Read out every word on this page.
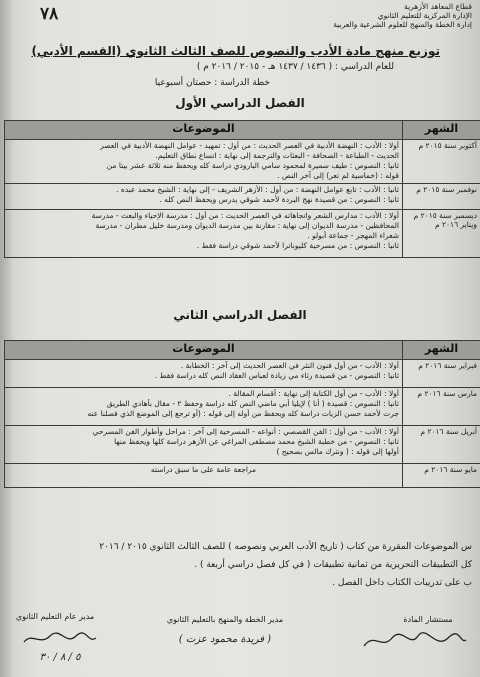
قطاع المعاهد الأزهرية
الإدارة المركزية للتعليم الثانوي
إدارة الخطة والمنهج للعلوم الشرعية والعربية
٧٨
توزيع منهج مادة الأدب والنصوص للصف الثالث الثانوي (القسم الأدبي)
للعام الدراسي : ( ١٤٣٦ / ١٤٣٧ هـ - ٢٠١٥ / ٢٠١٦ م )
خطة الدراسة : حصتان أسبوعيا
الفصل الدراسي الأول
الشهر	الموضوعات
أكتوبر سنة ٢٠١٥ م	أولا : الأدب : النهضة الأدبية في العصر الحديث : من أول : تمهيد - عوامل النهضة الأدبية في العصر
الحديث - الطباعة - الصحافة - البعثات والترجمة إلى نهاية : اتساع نطاق التعليم.
ثانيا : النصوص : طيف سميرة لمحمود سامي البارودي دراسة كله ويحفظ منه ثلاثة عشر بيتا من
قوله : (خماسية لم تعر) إلى آخر النص .

نوفمبر سنة ٢٠١٥ م	ثانيا : الأدب : تابع عوامل النهضة : من أول : الأزهر الشريف - إلى نهاية : الشيخ محمد عبده .
ثانيا : النصوص : من قصيدة نهج البردة لأحمد شوقي يدرس ويحفظ النص كله .

ديسمبر سنة ٢٠١٥ م ويناير ٢٠١٦ م	أولا : الأدب : مدارس الشعر واتجاهاته في العصر الحديث : من أول : مدرسة الإحياء والبعث - مدرسة
المحافظين - مدرسة الديوان إلى نهاية : مقارنة بين مدرسة الديوان ومدرسة خليل مطران - مدرسة
شعراء المهجر - جماعة أبولو .
ثانيا : النصوص : من مسرحية كليوباترا لأحمد شوقي دراسة فقط .
الفصل الدراسي الثاني
الشهر	الموضوعات
فبراير سنة ٢٠١٦ م	أولا : الأدب - من أول فنون النثر في العصر الحديث إلى آخر : الخطابة .
ثانيا : النصوص - من قصيدة رثاء مي زيادة لعباس العقاد النص كله دراسة فقط .

مارس سنة ٢٠١٦ م	أولا : الأدب - من أول الكتابة إلى نهاية : أقسام المقالة .
ثانيا : النصوص : قصيدة ( أنا ) لإيليا أبي ماضي النص كله دراسة وحفظ ٢ - مقال بأهادي الطريق
جرت لأحمد حسن الزيات دراسة كله ويحفظ من أوله إلى قوله : (أو ترجع إلى الموضع الذي فصلنا عنه

أبريل سنة ٢٠١٦ م	أولا : الأدب - من أول : الفن القصصي : أنواعه - المسرحية إلى آخر : مراحل وأطوار الفن المسرحي
ثانيا : النصوص - من خطبة الشيخ محمد مصطفى المراغي عن الأزهر دراسة كلها ويحفظ منها
أولها إلى قوله : ( ونترك مالس بصحيح )

مايو سنة ٢٠١٦ م	مراجعة عامة على ما سبق دراسته
س الموضوعات المقررة من كتاب ( تاريخ الأدب العربي ونصوصه ) للصف الثالث الثانوي ٢٠١٥ / ٢٠١٦
كل التطبيقات التحريرية من ثمانية تطبيقات ( في كل فصل دراسي أربعة ) .
ب على تدريبات الكتاب داخل الفصل .
مستشار المادة
مدير الخطة والمنهج بالتعليم الثانوي
مدير عام التعليم الثانوي
( فريدة محمود عزت )
٥ / ٨ / ٣٠
